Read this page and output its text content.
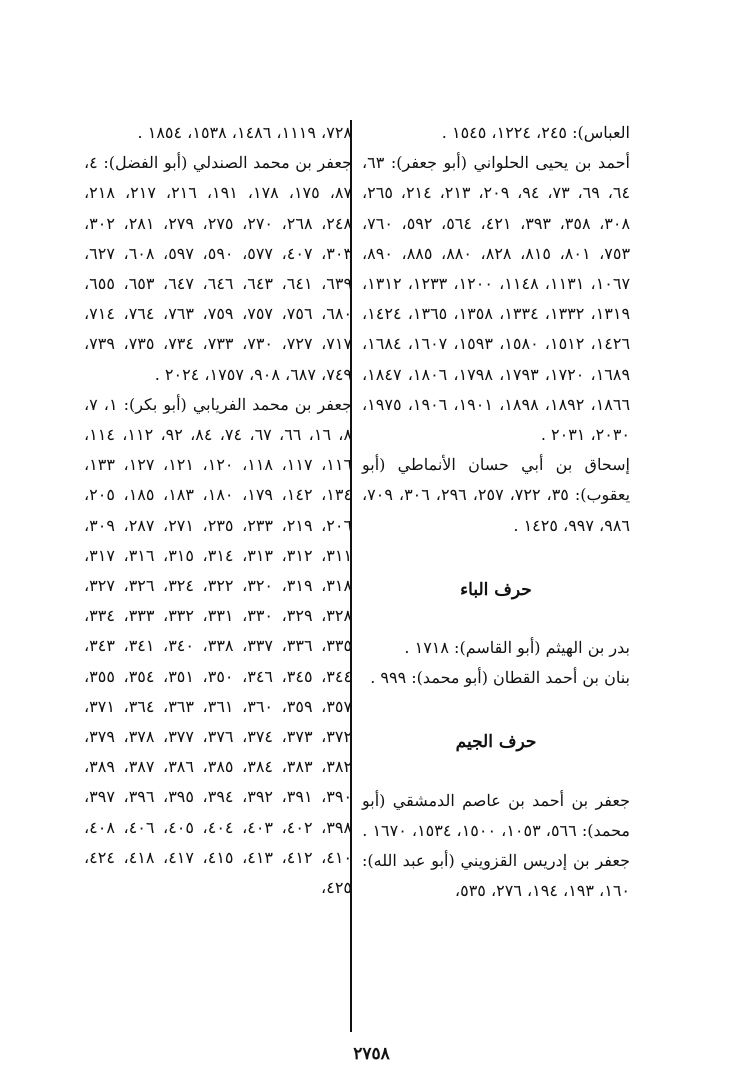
العباس): ٢٤٥، ١٢٢٤، ١٥٤٥ .

أحمد بن يحيى الحلواني (أبو جعفر): ٦٣، ٦٤، ٦٩، ٧٣، ٩٤، ٢٠٩، ٢١٣، ٢١٤، ٢٦٥، ٣٠٨، ٣٥٨، ٣٩٣، ٤٢١، ٥٦٤، ٥٩٢، ٧٦٠، ٧٥٣، ٨٠١، ٨١٥، ٨٢٨، ٨٨٠، ٨٨٥، ٨٩٠، ١٠٦٧، ١١٣١، ١١٤٨، ١٢٠٠، ١٢٣٣، ١٣١٢، ١٣١٩، ١٣٣٢، ١٣٣٤، ١٣٥٨، ١٣٦٥، ١٤٢٤، ١٤٢٦، ١٥١٢، ١٥٨٠، ١٥٩٣، ١٦٠٧، ١٦٨٤، ١٦٨٩، ١٧٢٠، ١٧٩٣، ١٧٩٨، ١٨٠٦، ١٨٤٧، ١٨٦٦، ١٨٩٢، ١٨٩٨، ١٩٠١، ١٩٠٦، ١٩٧٥، ٢٠٣٠، ٢٠٣١ .

إسحاق بن أبي حسان الأنماطي (أبو يعقوب): ٣٥، ٧٢٢، ٢٥٧، ٢٩٦، ٣٠٦، ٧٠٩، ٩٨٦، ٩٩٧، ١٤٢٥ .

حرف الباء

بدر بن الهيثم (أبو القاسم): ١٧١٨ .

بنان بن أحمد القطان (أبو محمد): ٩٩٩ .

حرف الجيم

جعفر بن أحمد بن عاصم الدمشقي (أبو محمد): ٥٦٦، ١٠٥٣، ١٥٠٠، ١٥٣٤، ١٦٧٠ .

جعفر بن إدريس القزويني (أبو عبد الله): ١٦٠، ١٩٣، ١٩٤، ٢٧٦، ٥٣٥،

٧٢٨، ١١١٩، ١٤٨٦، ١٥٣٨، ١٨٥٤ .

جعفر بن محمد الصندلي (أبو الفضل): ٤، ٨٧، ١٧٥، ١٧٨، ١٩١، ٢١٦، ٢١٧، ٢١٨، ٢٤٨، ٢٦٨، ٢٧٠، ٢٧٥، ٢٧٩، ٢٨١، ٣٠٢، ٣٠٣، ٤٠٧، ٥٧٧، ٥٩٠، ٥٩٧، ٦٠٨، ٦٢٧، ٦٣٩، ٦٤١، ٦٤٣، ٦٤٦، ٦٤٧، ٦٥٣، ٦٥٥، ٦٨٠، ٧٥٦، ٧٥٧، ٧٥٩، ٧٦٣، ٧٦٤، ٧١٤، ٧١٧، ٧٢٧، ٧٣٠، ٧٣٣، ٧٣٤، ٧٣٥، ٧٣٩، ٧٤٩، ٦٨٧، ٩٠٨، ١٧٥٧، ٢٠٢٤ .

جعفر بن محمد الفريابي (أبو بكر): ١، ٧، ٨، ١٦، ٦٦، ٦٧، ٧٤، ٨٤، ٩٢، ١١٢، ١١٤، ١١٦، ١١٧، ١١٨، ١٢٠، ١٢١، ١٢٧، ١٣٣، ١٣٤، ١٤٢، ١٧٩، ١٨٠، ١٨٣، ١٨٥، ٢٠٥، ٢٠٦، ٢١٩، ٢٣٣، ٢٣٥، ٢٧١، ٢٨٧، ٣٠٩، ٣١١، ٣١٢، ٣١٣، ٣١٤، ٣١٥، ٣١٦، ٣١٧، ٣١٨، ٣١٩، ٣٢٠، ٣٢٢، ٣٢٤، ٣٢٦، ٣٢٧، ٣٢٨، ٣٢٩، ٣٣٠، ٣٣١، ٣٣٢، ٣٣٣، ٣٣٤، ٣٣٥، ٣٣٦، ٣٣٧، ٣٣٨، ٣٤٠، ٣٤١، ٣٤٣، ٣٤٤، ٣٤٥، ٣٤٦، ٣٥٠، ٣٥١، ٣٥٤، ٣٥٥، ٣٥٧، ٣٥٩، ٣٦٠، ٣٦١، ٣٦٣، ٣٦٤، ٣٧١، ٣٧٢، ٣٧٣، ٣٧٤، ٣٧٦، ٣٧٧، ٣٧٨، ٣٧٩، ٣٨٢، ٣٨٣، ٣٨٤، ٣٨٥، ٣٨٦، ٣٨٧، ٣٨٩، ٣٩٠، ٣٩١، ٣٩٢، ٣٩٤، ٣٩٥، ٣٩٦، ٣٩٧، ٣٩٨، ٤٠٢، ٤٠٣، ٤٠٤، ٤٠٥، ٤٠٦، ٤٠٨، ٤١٠، ٤١٢، ٤١٣، ٤١٥، ٤١٧، ٤١٨، ٤٢٤، ٤٢٥،

٢٧٥٨
